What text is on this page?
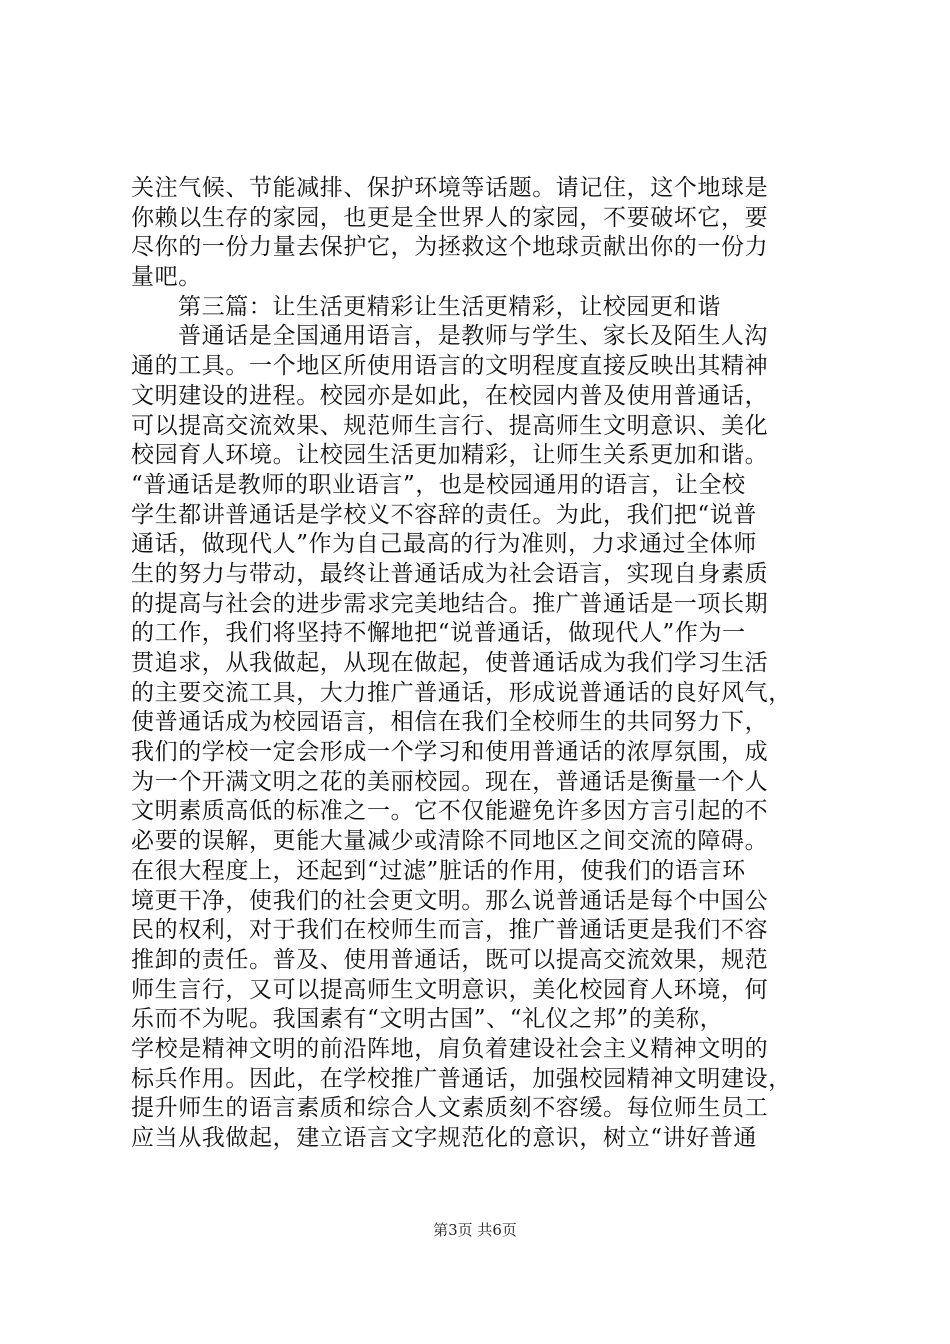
关注气候、节能减排、保护环境等话题。请记住，这个地球是
你赖以生存的家园，也更是全世界人的家园，不要破坏它，要
尽你的一份力量去保护它，为拯救这个地球贡献出你的一份力
量吧。
第三篇：让生活更精彩让生活更精彩，让校园更和谐
普通话是全国通用语言，是教师与学生、家长及陌生人沟
通的工具。一个地区所使用语言的文明程度直接反映出其精神
文明建设的进程。校园亦是如此，在校园内普及使用普通话，
可以提高交流效果、规范师生言行、提高师生文明意识、美化
校园育人环境。让校园生活更加精彩，让师生关系更加和谐。
“普通话是教师的职业语言”，也是校园通用的语言，让全校
学生都讲普通话是学校义不容辞的责任。为此，我们把“说普
通话，做现代人”作为自己最高的行为准则，力求通过全体师
生的努力与带动，最终让普通话成为社会语言，实现自身素质
的提高与社会的进步需求完美地结合。推广普通话是一项长期
的工作，我们将坚持不懈地把“说普通话，做现代人”作为一
贯追求，从我做起，从现在做起，使普通话成为我们学习生活
的主要交流工具，大力推广普通话，形成说普通话的良好风气，
使普通话成为校园语言，相信在我们全校师生的共同努力下，
我们的学校一定会形成一个学习和使用普通话的浓厚氛围，成
为一个开满文明之花的美丽校园。现在，普通话是衡量一个人
文明素质高低的标准之一。它不仅能避免许多因方言引起的不
必要的误解，更能大量减少或清除不同地区之间交流的障碍。
在很大程度上，还起到“过滤”脏话的作用，使我们的语言环
境更干净，使我们的社会更文明。那么说普通话是每个中国公
民的权利，对于我们在校师生而言，推广普通话更是我们不容
推卸的责任。普及、使用普通话，既可以提高交流效果，规范
师生言行，又可以提高师生文明意识，美化校园育人环境，何
乐而不为呢。我国素有“文明古国”、“礼仪之邦”的美称，
学校是精神文明的前沿阵地，肩负着建设社会主义精神文明的
标兵作用。因此，在学校推广普通话，加强校园精神文明建设，
提升师生的语言素质和综合人文素质刻不容缓。每位师生员工
应当从我做起，建立语言文字规范化的意识，树立“讲好普通
第3页 共6页
